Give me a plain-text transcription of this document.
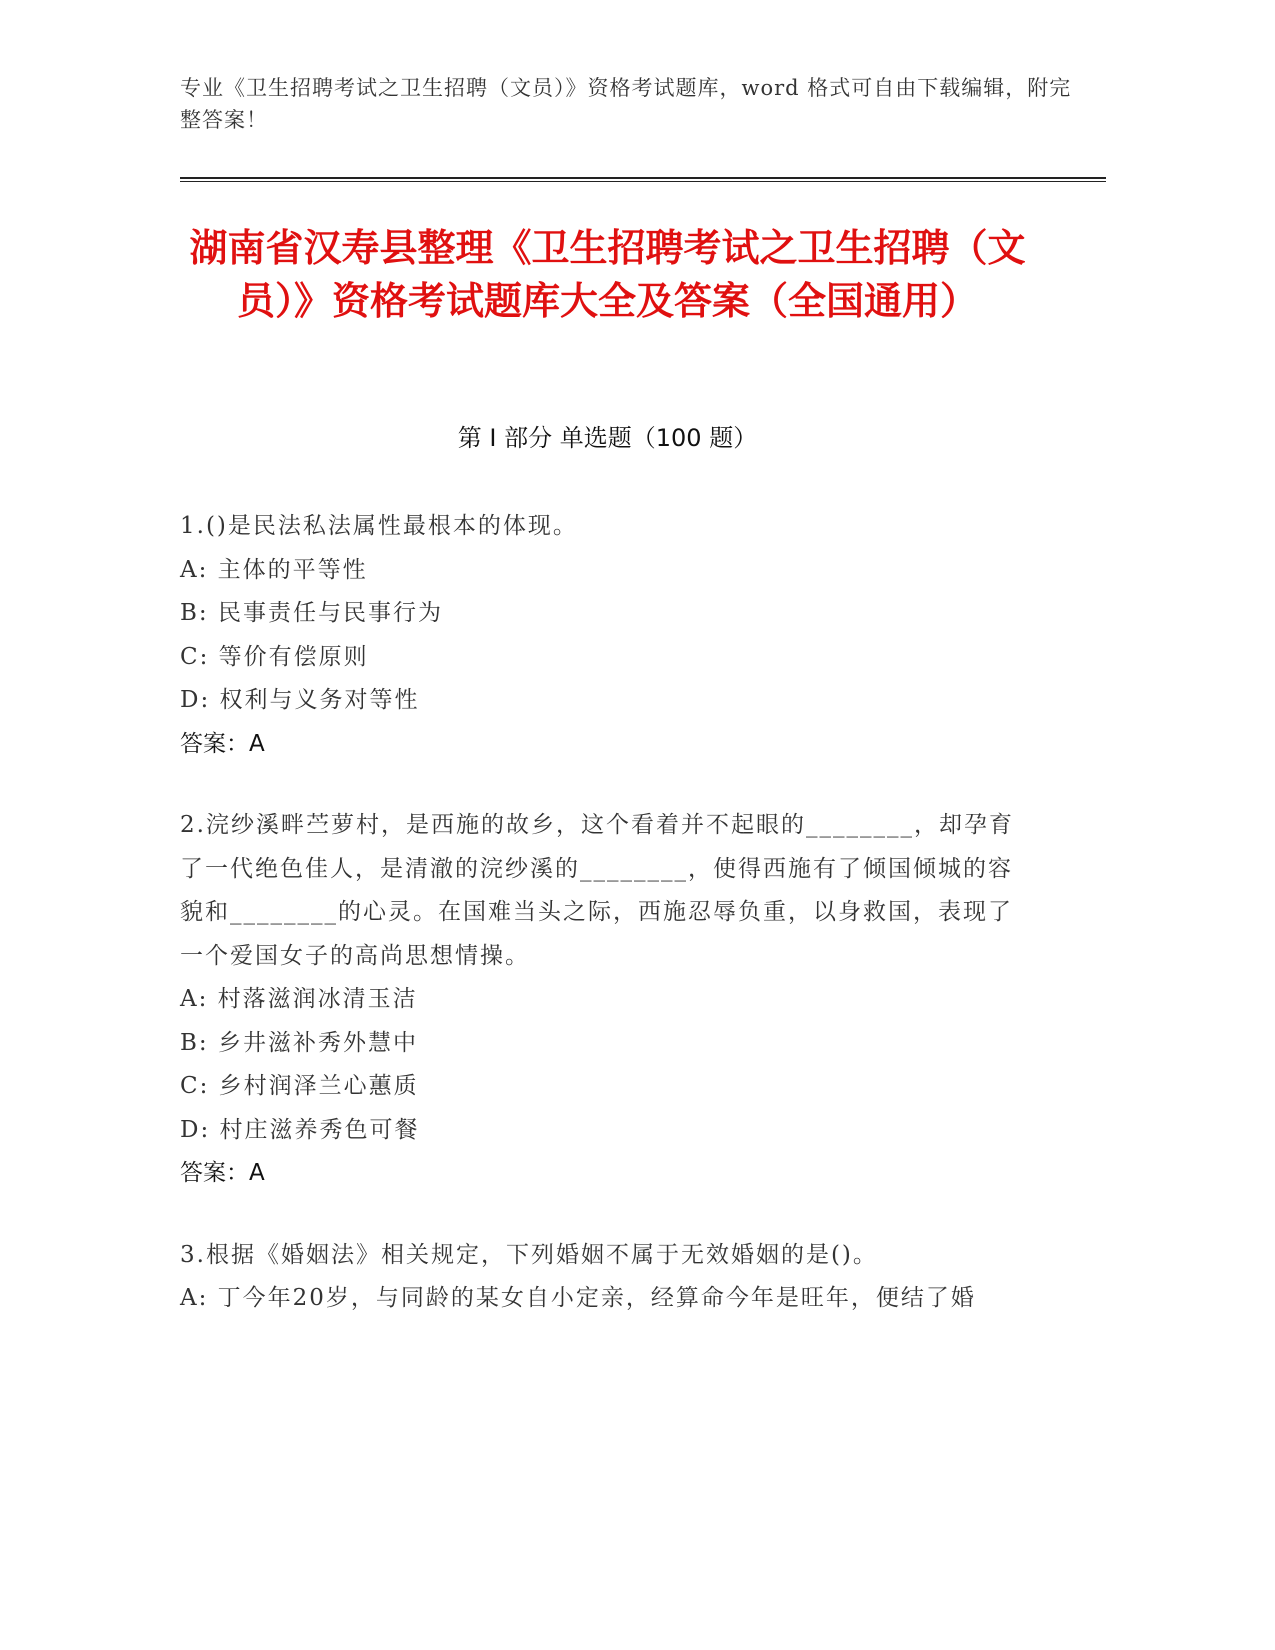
专业《卫生招聘考试之卫生招聘（文员）》资格考试题库，word 格式可自由下载编辑，附完整答案！
湖南省汉寿县整理《卫生招聘考试之卫生招聘（文员）》资格考试题库大全及答案（全国通用）
第 I 部分 单选题（100 题）

1.()是民法私法属性最根本的体现。

A: 主体的平等性

B: 民事责任与民事行为

C: 等价有偿原则

D: 权利与义务对等性

答案：A

2.浣纱溪畔苎萝村，是西施的故乡，这个看着并不起眼的________，却孕育了一代绝色佳人，是清澈的浣纱溪的________，使得西施有了倾国倾城的容貌和________的心灵。在国难当头之际，西施忍辱负重，以身救国，表现了一个爱国女子的高尚思想情操。

A: 村落滋润冰清玉洁

B: 乡井滋补秀外慧中

C: 乡村润泽兰心蕙质

D: 村庄滋养秀色可餐

答案：A

3.根据《婚姻法》相关规定，下列婚姻不属于无效婚姻的是()。

A: 丁今年20岁，与同龄的某女自小定亲，经算命今年是旺年，便结了婚
